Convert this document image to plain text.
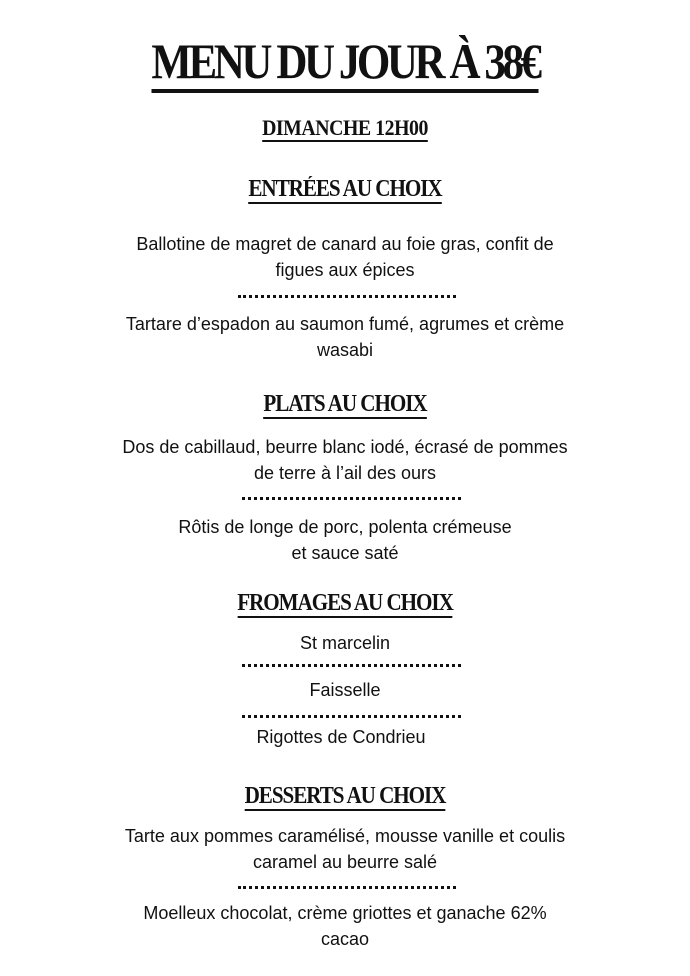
MENU DU JOUR À 38€
DIMANCHE 12H00
ENTRÉES AU CHOIX
Ballotine de magret de canard au foie gras, confit de
figues aux épices
Tartare d’espadon au saumon fumé, agrumes et crème
wasabi
PLATS AU CHOIX
Dos de cabillaud, beurre blanc iodé, écrasé de pommes
de terre à l’ail des ours
Rôtis de longe de porc, polenta crémeuse
et sauce saté
FROMAGES AU CHOIX
St marcelin
Faisselle
Rigottes de Condrieu
DESSERTS AU CHOIX
Tarte aux pommes caramélisé, mousse vanille et coulis
caramel au beurre salé
Moelleux chocolat, crème griottes et ganache 62%
cacao
